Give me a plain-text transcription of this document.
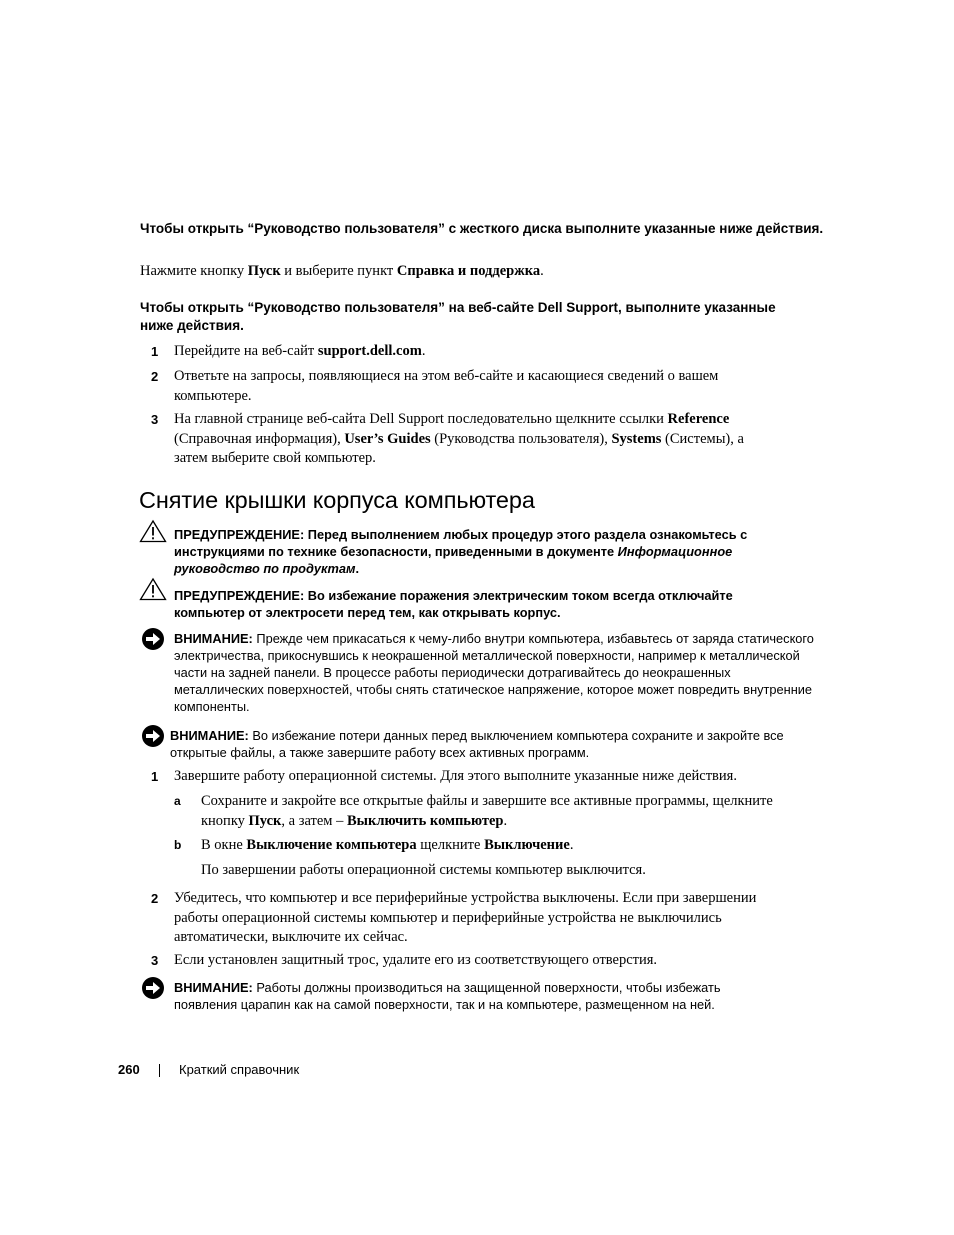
Чтобы открыть “Руководство пользователя” с жесткого диска выполните указанные ниже действия.
Нажмите кнопку Пуск и выберите пункт Справка и поддержка.
Чтобы открыть “Руководство пользователя” на веб-сайте Dell Support, выполните указанные ниже действия.
1 Перейдите на веб-сайт support.dell.com.
2 Ответьте на запросы, появляющиеся на этом веб-сайте и касающиеся сведений о вашем компьютере.
3 На главной странице веб-сайта Dell Support последовательно щелкните ссылки Reference (Справочная информация), User’s Guides (Руководства пользователя), Systems (Системы), а затем выберите свой компьютер.
Снятие крышки корпуса компьютера
ПРЕДУПРЕЖДЕНИЕ: Перед выполнением любых процедур этого раздела ознакомьтесь с инструкциями по технике безопасности, приведенными в документе Информационное руководство по продуктам.
ПРЕДУПРЕЖДЕНИЕ: Во избежание поражения электрическим током всегда отключайте компьютер от электросети перед тем, как открывать корпус.
ВНИМАНИЕ: Прежде чем прикасаться к чему-либо внутри компьютера, избавьтесь от заряда статического электричества, прикоснувшись к неокрашенной металлической поверхности, например к металлической части на задней панели. В процессе работы периодически дотрагивайтесь до неокрашенных металлических поверхностей, чтобы снять статическое напряжение, которое может повредить внутренние компоненты.
ВНИМАНИЕ: Во избежание потери данных перед выключением компьютера сохраните и закройте все открытые файлы, а также завершите работу всех активных программ.
1 Завершите работу операционной системы. Для этого выполните указанные ниже действия.
a Сохраните и закройте все открытые файлы и завершите все активные программы, щелкните кнопку Пуск, а затем – Выключить компьютер.
b В окне Выключение компьютера щелкните Выключение.
По завершении работы операционной системы компьютер выключится.
2 Убедитесь, что компьютер и все периферийные устройства выключены. Если при завершении работы операционной системы компьютер и периферийные устройства не выключились автоматически, выключите их сейчас.
3 Если установлен защитный трос, удалите его из соответствующего отверстия.
ВНИМАНИЕ: Работы должны производиться на защищенной поверхности, чтобы избежать появления царапин как на самой поверхности, так и на компьютере, размещенном на ней.
260	Краткий справочник
